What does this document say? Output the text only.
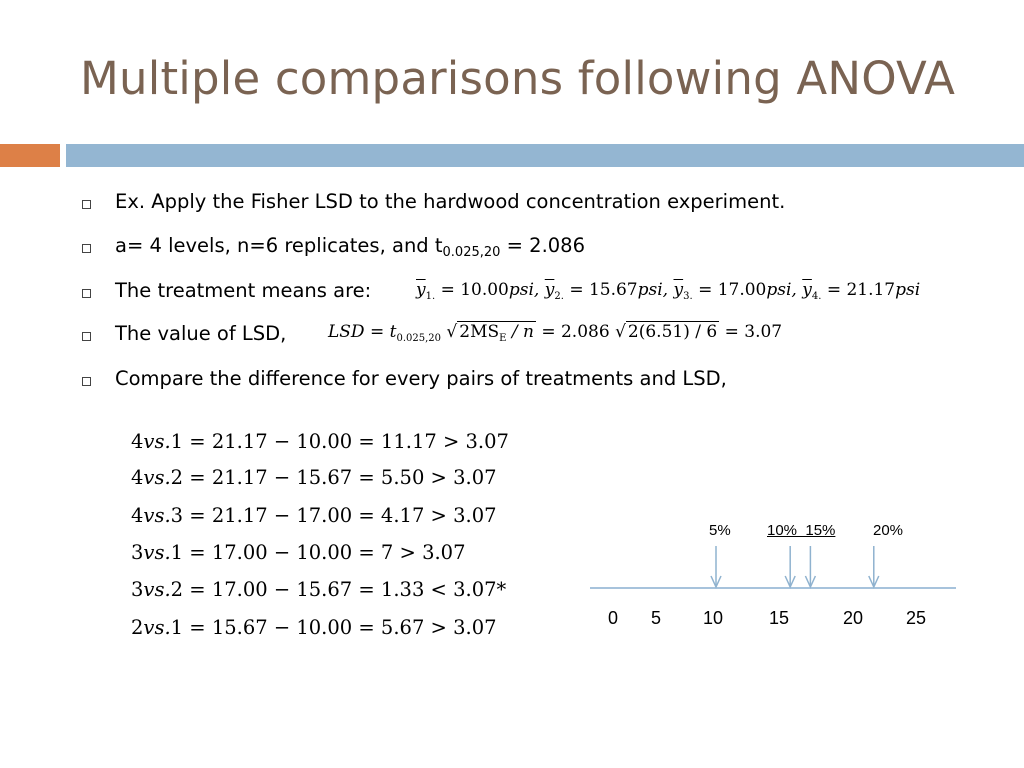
Multiple comparisons following ANOVA
Ex. Apply the Fisher LSD to the hardwood concentration experiment.
a= 4 levels, n=6 replicates, and $t_{0.025,20} = 2.086$
The treatment means are:	$\overline{y}_{1.} = 10.00psi$, $\overline{y}_{2.} = 15.67psi$, $\overline{y}_{3.} = 17.00psi$, $\overline{y}_{4.} = 21.17psi$
The value of LSD, LSD = $t_{0.025,20}$ √ $2MS_E / n = 2.086$ √ 2(6.51) / 6 = 3.07
Compare the difference for every pairs of treatments and LSD,
4vs.1 = 21.17 − 10.00 = 11.17 > 3.07
4vs.2 = 21.17 − 15.67 = 5.50 > 3.07
4vs.3 = 21.17 − 17.00 = 4.17 > 3.07
3vs.1 = 17.00 − 10.00 = 7 > 3.07
3vs.2 = 17.00 − 15.67 = 1.33 < 3.07*
2vs.1 = 15.67 − 10.00 = 5.67 > 3.07
5% 10%  15%	20%
0 5 10	15	20 25
